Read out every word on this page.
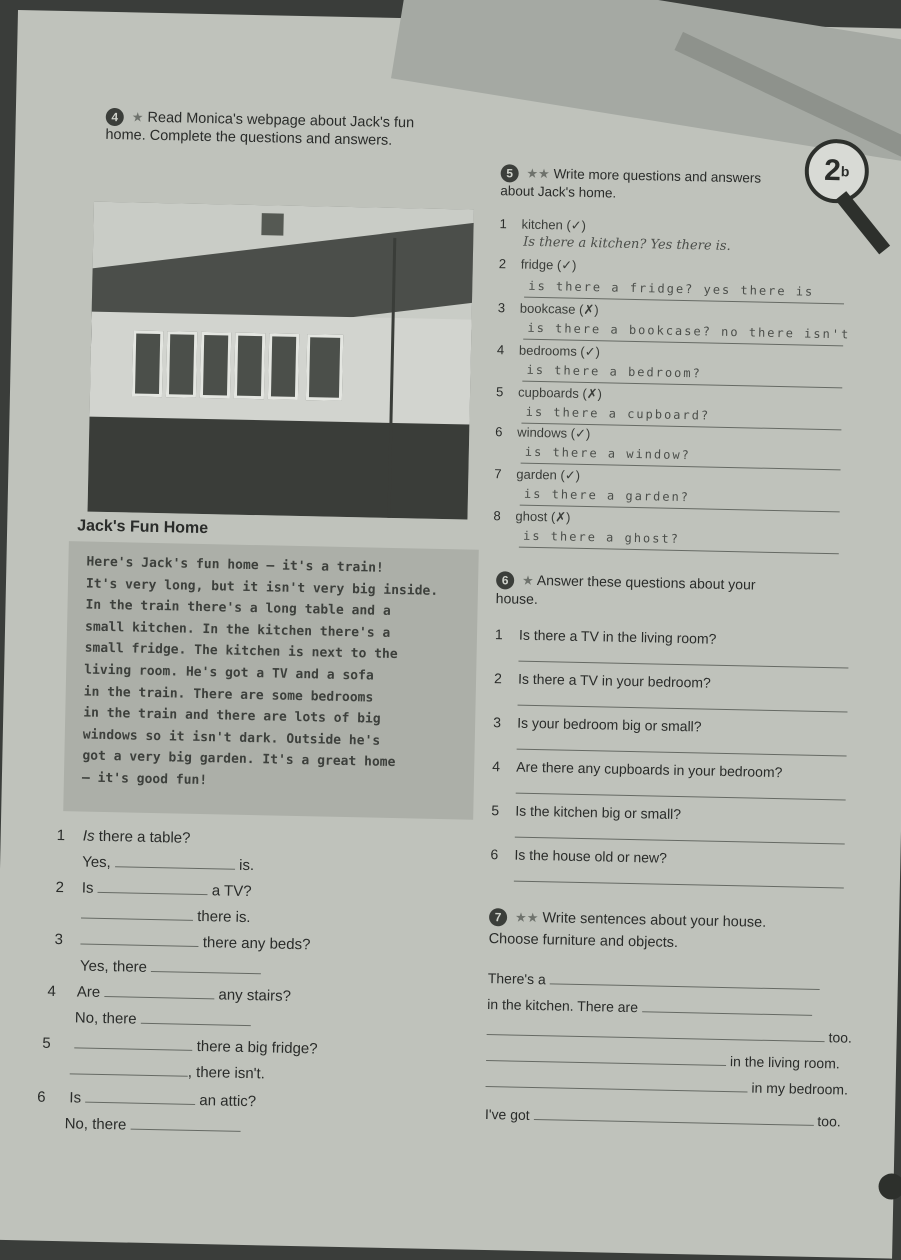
4 ★ Read Monica's webpage about Jack's fun
home. Complete the questions and answers.
Jack's Fun Home
Here's Jack's fun home – it's a train!
It's very long, but it isn't very big inside.
In the train there's a long table and a
small kitchen. In the kitchen there's a
small fridge. The kitchen is next to the
living room. He's got a TV and a sofa
in the train. There are some bedrooms
in the train and there are lots of big
windows so it isn't dark. Outside he's
got a very big garden. It's a great home
– it's good fun!
1 Is there a table?
Yes,	is.
2 Is	a TV?
there is.
3	there any beds?
Yes, there
4 Are	any stairs?
No, there
5	there a big fridge?
, there isn't.
6 Is	an attic?
No, there
2 b
5 ★★ Write more questions and answers
about Jack's home.
1 kitchen (✓)
Is there a kitchen? Yes there is.
2 fridge (✓)
is there a fridge? yes there is
3 bookcase (✗)
is there a bookcase? no there isn't
4 bedrooms (✓)
is there a bedroom?
5 cupboards (✗)
is there a cupboard?
6 windows (✓)
is there a window?
7 garden (✓)
is there a garden?
8 ghost (✗)
is there a ghost?
6 ★ Answer these questions about your
house.
1 Is there a TV in the living room?
2 Is there a TV in your bedroom?
3 Is your bedroom big or small?
4 Are there any cupboards in your bedroom?
5 Is the kitchen big or small?
6 Is the house old or new?
7 ★★ Write sentences about your house.
Choose furniture and objects.
There's a
in the kitchen. There are
too.
in the living room.
in my bedroom.
I've got	too.
